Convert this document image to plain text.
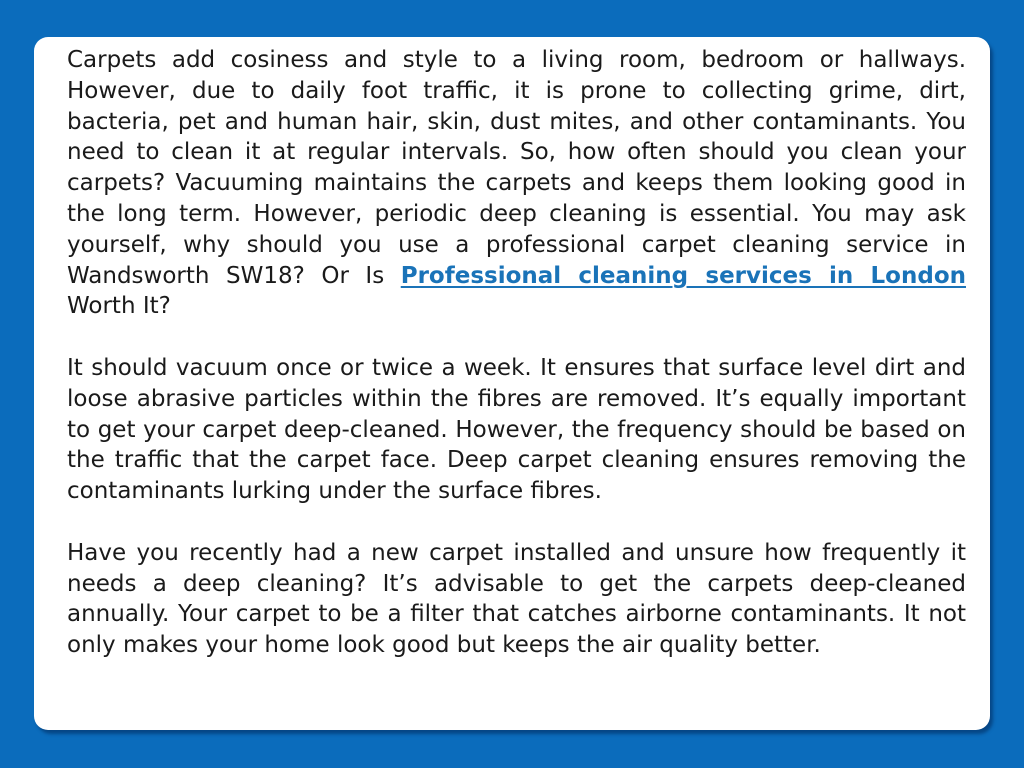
Carpets add cosiness and style to a living room, bedroom or hallways. However, due to daily foot traffic, it is prone to collecting grime, dirt, bacteria, pet and human hair, skin, dust mites, and other contaminants. You need to clean it at regular intervals. So, how often should you clean your carpets? Vacuuming maintains the carpets and keeps them looking good in the long term. However, periodic deep cleaning is essential. You may ask yourself, why should you use a professional carpet cleaning service in Wandsworth SW18? Or Is Professional cleaning services in London Worth It?

It should vacuum once or twice a week. It ensures that surface level dirt and loose abrasive particles within the fibres are removed. It’s equally important to get your carpet deep-cleaned. However, the frequency should be based on the traffic that the carpet face. Deep carpet cleaning ensures removing the contaminants lurking under the surface fibres.

Have you recently had a new carpet installed and unsure how frequently it needs a deep cleaning? It’s advisable to get the carpets deep-cleaned annually. Your carpet to be a filter that catches airborne contaminants. It not only makes your home look good but keeps the air quality better.
